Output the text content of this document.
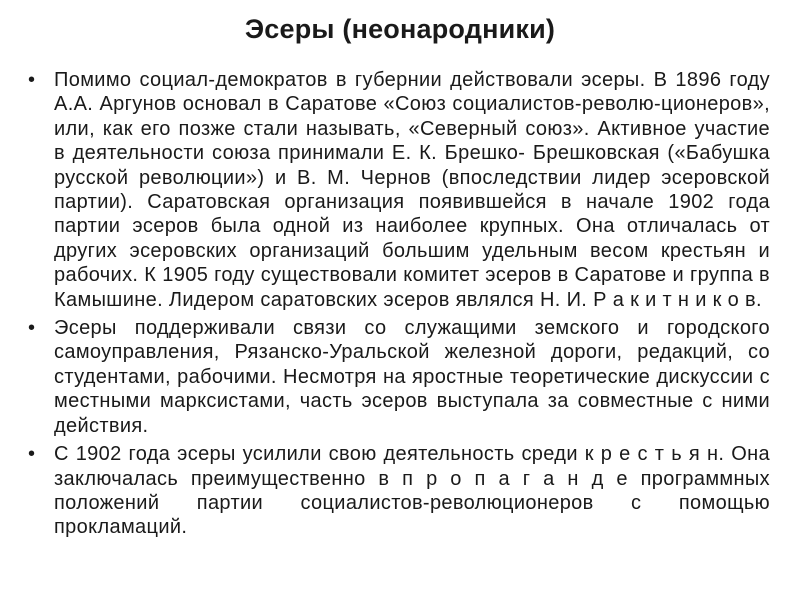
Эсеры (неонародники)
• Помимо социал-демократов в губернии действовали эсеры. В 1896 году А.А. Аргунов основал в Саратове «Союз социалистов-револю-ционеров», или, как его позже стали называть, «Северный союз». Активное участие в деятельности союза принимали Е. К. Брешко- Брешковская («Бабушка русской революции») и В. М. Чернов (впоследствии лидер эсеровской партии). Саратовская организация появившейся в начале 1902 года партии эсеров была одной из наиболее крупных. Она отличалась от других эсеровских организаций большим удельным весом крестьян и рабочих. К 1905 году существовали комитет эсеров в Саратове и группа в Камышине. Лидером саратовских эсеров являлся Н. И. Р а к и т н и к о в.
• Эсеры поддерживали связи со служащими земского и городского самоуправления, Рязанско-Уральской железной дороги, редакций, со студентами, рабочими. Несмотря на яростные теоретические дискуссии с местными марксистами, часть эсеров выступала за совместные с ними действия.
• С 1902 года эсеры усилили свою деятельность среди к р е с т ь я н. Она заключалась преимущественно в п р о п а г а н д е программных положений партии социалистов-революционеров с помощью прокламаций.
